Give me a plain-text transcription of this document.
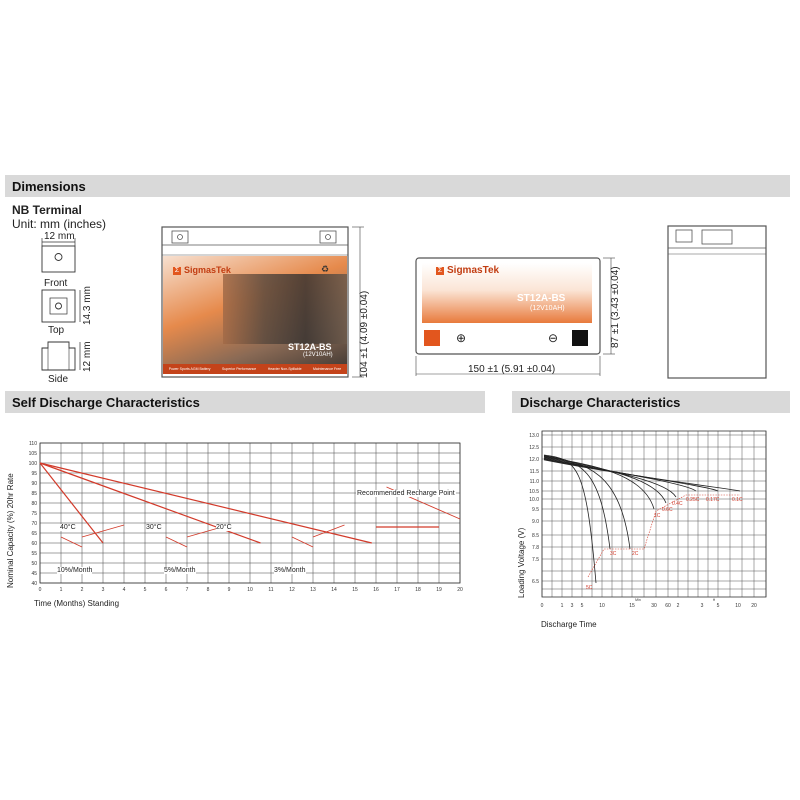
Dimensions
Self Discharge Characteristics	Discharge Characteristics
NB Terminal
Unit: mm (inches)
12 mm
Front
Top
Side
14.3 mm
12 mm
Σ SigmasTek	♻
ST12A-BS
(12V10AH)
Power Sports AGM Battery	Superior Performance	Heavier Non-Spillable	Maintenance Free 104 ±1 (4.09 ±0.04)
Σ SigmasTek
ST12A-BS
(12V10AH)
⊕	⊖
150 ±1 (5.91 ±0.04)
87 ±1 (3.43 ±0.04)
Nominal Capacity (%) 20hr Rate
0	1	2	3	4	5	6	7	8	9	10	11	12	13	14	15	16	17	18	19	20
40
45
50
55
60
65
70
75
80
85
90
95
100
105
110
Time (Months) Standing
Recommended Recharge Point
40°C	30°C	20°C
10%/Month	5%/Month	3%/Month	Loading Voltage (V) 6.5
7.5
7.8
8.5
9.0
9.5
10.0
10.5
11.0
11.5
12.0
12.5
13.0
0	1 3 5	10	15	30 60 2	3	5	10 20
Min	H
5C
3C	2C
1C
0.6C
0.4C
0.25C 0.17C	0.1C
Discharge Time
